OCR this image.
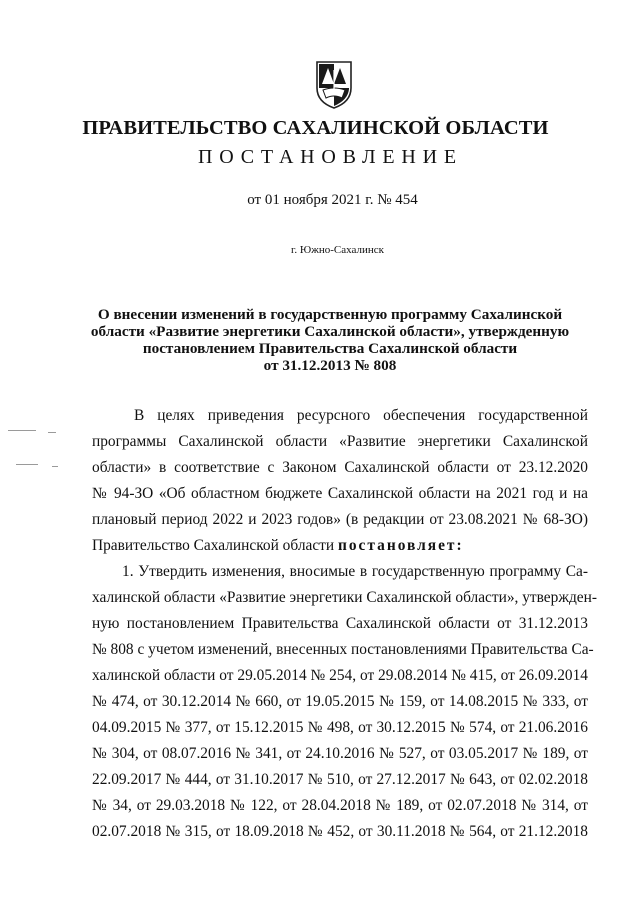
ПРАВИТЕЛЬСТВО САХАЛИНСКОЙ ОБЛАСТИ
ПОСТАНОВЛЕНИЕ
от 01 ноября 2021 г. № 454
г. Южно-Сахалинск
О внесении изменений в государственную программу Сахалинской
области «Развитие энергетики Сахалинской области», утвержденную
постановлением Правительства Сахалинской области
от 31.12.2013 № 808
В целях приведения ресурсного обеспечения государственной
программы Сахалинской области «Развитие энергетики Сахалинской
области» в соответствие с Законом Сахалинской области от 23.12.2020
№ 94-ЗО «Об областном бюджете Сахалинской области на 2021 год и на
плановый период 2022 и 2023 годов» (в редакции от 23.08.2021 № 68-ЗО)
Правительство Сахалинской области постановляет:
1. Утвердить изменения, вносимые в государственную программу Са-
халинской области «Развитие энергетики Сахалинской области», утвержден-
ную постановлением Правительства Сахалинской области от 31.12.2013
№ 808 с учетом изменений, внесенных постановлениями Правительства Са-
халинской области от 29.05.2014 № 254, от 29.08.2014 № 415, от 26.09.2014
№ 474, от 30.12.2014 № 660, от 19.05.2015 № 159, от 14.08.2015 № 333, от
04.09.2015 № 377, от 15.12.2015 № 498, от 30.12.2015 № 574, от 21.06.2016
№ 304, от 08.07.2016 № 341, от 24.10.2016 № 527, от 03.05.2017 № 189, от
22.09.2017 № 444, от 31.10.2017 № 510, от 27.12.2017 № 643, от 02.02.2018
№ 34, от 29.03.2018 № 122, от 28.04.2018 № 189, от 02.07.2018 № 314, от
02.07.2018 № 315, от 18.09.2018 № 452, от 30.11.2018 № 564, от 21.12.2018
